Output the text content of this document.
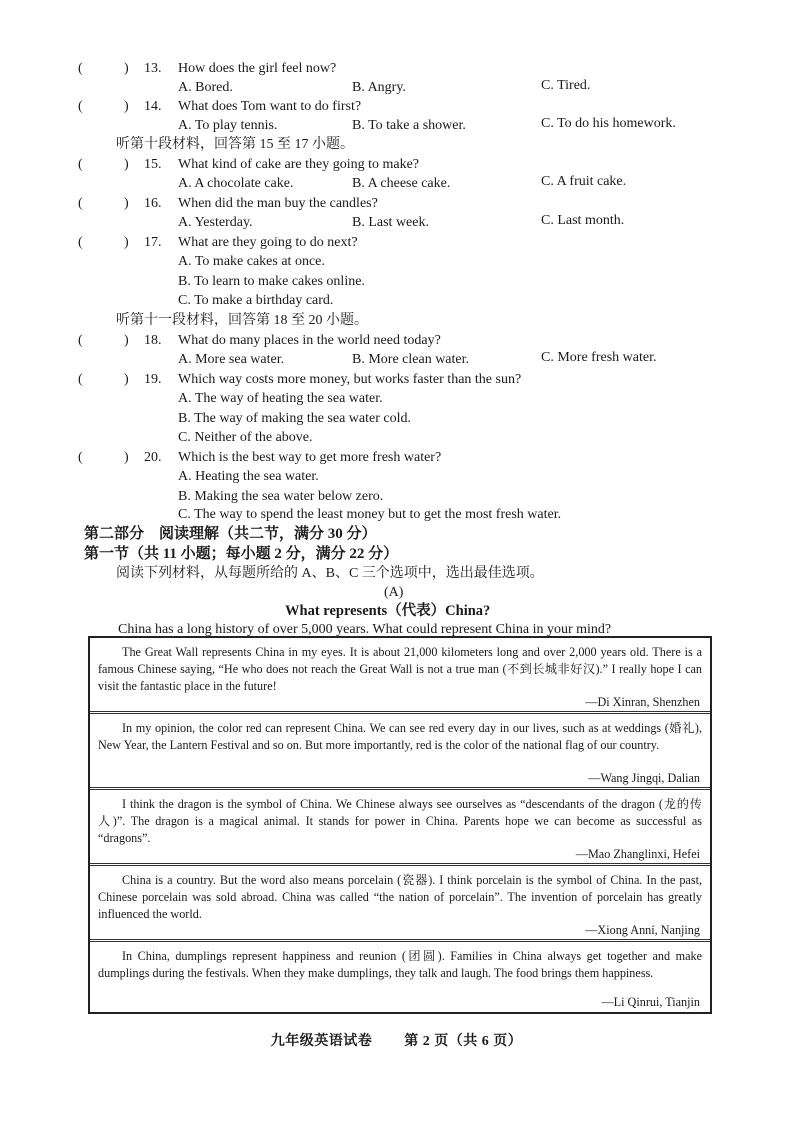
(	) 13. How does the girl feel now?
A. Bored.	B. Angry.	C. Tired.
(	) 14. What does Tom want to do first?
A. To play tennis.	B. To take a shower.	C. To do his homework.
听第十段材料，回答第 15 至 17 小题。
(	) 15. What kind of cake are they going to make?
A. A chocolate cake.	B. A cheese cake.	C. A fruit cake.
(	) 16. When did the man buy the candles?
A. Yesterday.	B. Last week.	C. Last month.
(	) 17. What are they going to do next?
A. To make cakes at once.
B. To learn to make cakes online.
C. To make a birthday card.
听第十一段材料，回答第 18 至 20 小题。
(	) 18. What do many places in the world need today?
A. More sea water.	B. More clean water.	C. More fresh water.
(	) 19. Which way costs more money, but works faster than the sun?
A. The way of heating the sea water.
B. The way of making the sea water cold.
C. Neither of the above.
(	) 20. Which is the best way to get more fresh water?
A. Heating the sea water.
B. Making the sea water below zero.
C. The way to spend the least money but to get the most fresh water.
第二部分　阅读理解（共二节，满分 30 分）
第一节（共 11 小题；每小题 2 分，满分 22 分）
阅读下列材料，从每题所给的 A、B、C 三个选项中，选出最佳选项。
(A)
What represents（代表）China?
China has a long history of over 5,000 years. What could represent China in your mind?
The Great Wall represents China in my eyes. It is about 21,000 kilometers long and over 2,000 years old. There is a famous Chinese saying, “He who does not reach the Great Wall is not a true man (不到长城非好汉).” I really hope I can visit the fantastic place in the future!
—Di Xinran, Shenzhen
In my opinion, the color red can represent China. We can see red every day in our lives, such as at weddings (婚礼), New Year, the Lantern Festival and so on. But more importantly, red is the color of the national flag of our country.
—Wang Jingqi, Dalian
I think the dragon is the symbol of China. We Chinese always see ourselves as “descendants of the dragon (龙的传人)”. The dragon is a magical animal. It stands for power in China. Parents hope we can become as successful as “dragons”.
—Mao Zhanglinxi, Hefei
China is a country. But the word also means porcelain (瓷器). I think porcelain is the symbol of China. In the past, Chinese porcelain was sold abroad. China was called “the nation of porcelain”. The invention of porcelain has greatly influenced the world.
—Xiong Anní, Nanjing
In China, dumplings represent happiness and reunion (团圆). Families in China always get together and make dumplings during the festivals. When they make dumplings, they talk and laugh. The food brings them happiness.
—Li Qinrui, Tianjin
九年级英语试卷 第 2 页（共 6 页）
